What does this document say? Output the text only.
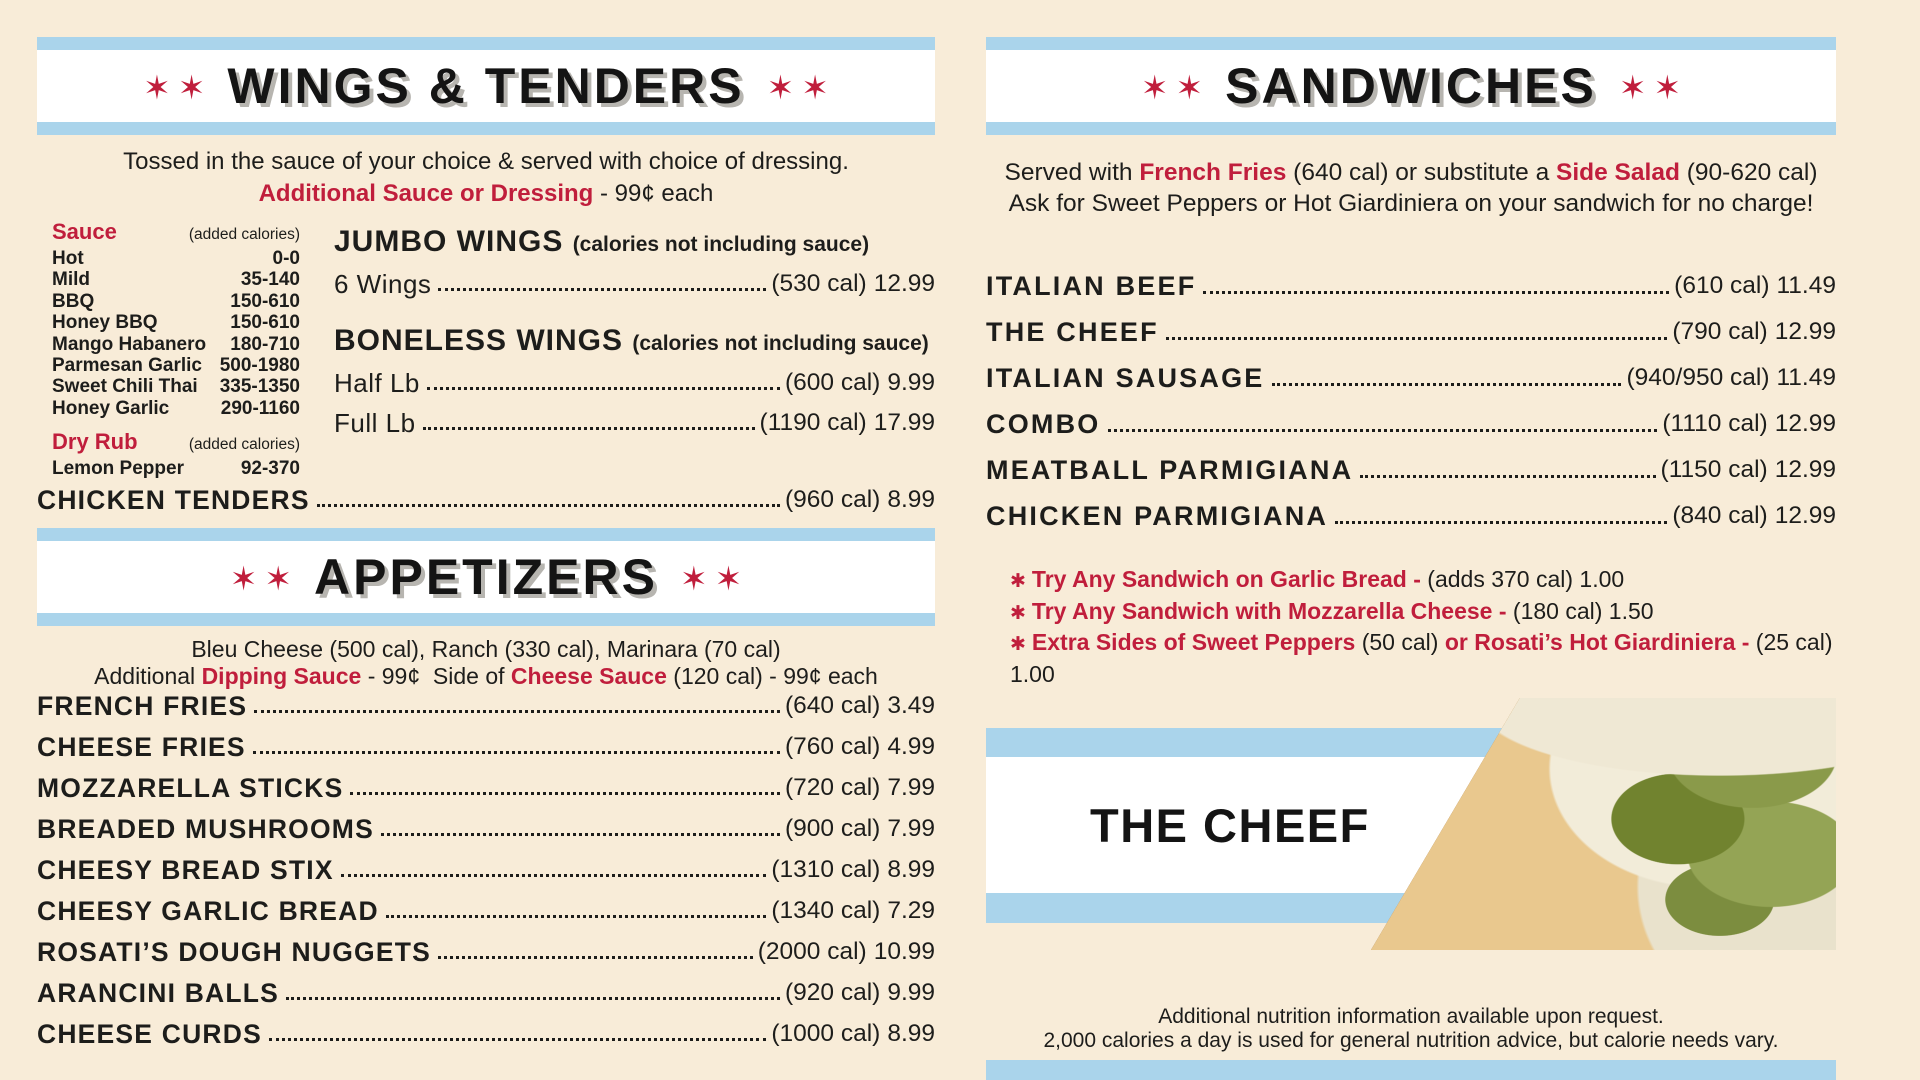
✶ ✶ WINGS & TENDERS ✶ ✶

Tossed in the sauce of your choice & served with choice of dressing.

Additional Sauce or Dressing - 99¢ each

Sauce	(added calories)
Hot	0-0
Mild	35-140
BBQ	150-610
Honey BBQ	150-610
Mango Habanero 180-710
Parmesan Garlic 500-1980
Sweet Chili Thai 335-1350
Honey Garlic	290-1160
Dry Rub	(added calories)
Lemon Pepper	92-370
JUMBO WINGS (calories not including sauce)
6 Wings	(530 cal) 12.99
BONELESS WINGS (calories not including sauce)
Half Lb	(600 cal) 9.99
Full Lb	(1190 cal) 17.99
CHICKEN TENDERS	(960 cal) 8.99
✶ ✶ APPETIZERS ✶ ✶

Bleu Cheese (500 cal), Ranch (330 cal), Marinara (70 cal)

Additional Dipping Sauce - 99¢  Side of Cheese Sauce (120 cal) - 99¢ each

FRENCH FRIES	(640 cal) 3.49
CHEESE FRIES	(760 cal) 4.99
MOZZARELLA STICKS	(720 cal) 7.99
BREADED MUSHROOMS	(900 cal) 7.99
CHEESY BREAD STIX	(1310 cal) 8.99
CHEESY GARLIC BREAD	(1340 cal) 7.29
ROSATI’S DOUGH NUGGETS	(2000 cal) 10.99
ARANCINI BALLS	(920 cal) 9.99
CHEESE CURDS	(1000 cal) 8.99
✶ ✶ SANDWICHES ✶ ✶

Served with French Fries (640 cal) or substitute a Side Salad (90-620 cal)

Ask for Sweet Peppers or Hot Giardiniera on your sandwich for no charge!

ITALIAN BEEF	(610 cal) 11.49
THE CHEEF	(790 cal) 12.99
ITALIAN SAUSAGE	(940/950 cal) 11.49
COMBO	(1110 cal) 12.99
MEATBALL PARMIGIANA	(1150 cal) 12.99
CHICKEN PARMIGIANA	(840 cal) 12.99

✱ Try Any Sandwich on Garlic Bread - (adds 370 cal) 1.00

✱ Try Any Sandwich with Mozzarella Cheese - (180 cal) 1.50

✱ Extra Sides of Sweet Peppers (50 cal) or Rosati’s Hot Giardiniera - (25 cal) 1.00

THE CHEEF

Additional nutrition information available upon request.

2,000 calories a day is used for general nutrition advice, but calorie needs vary.
